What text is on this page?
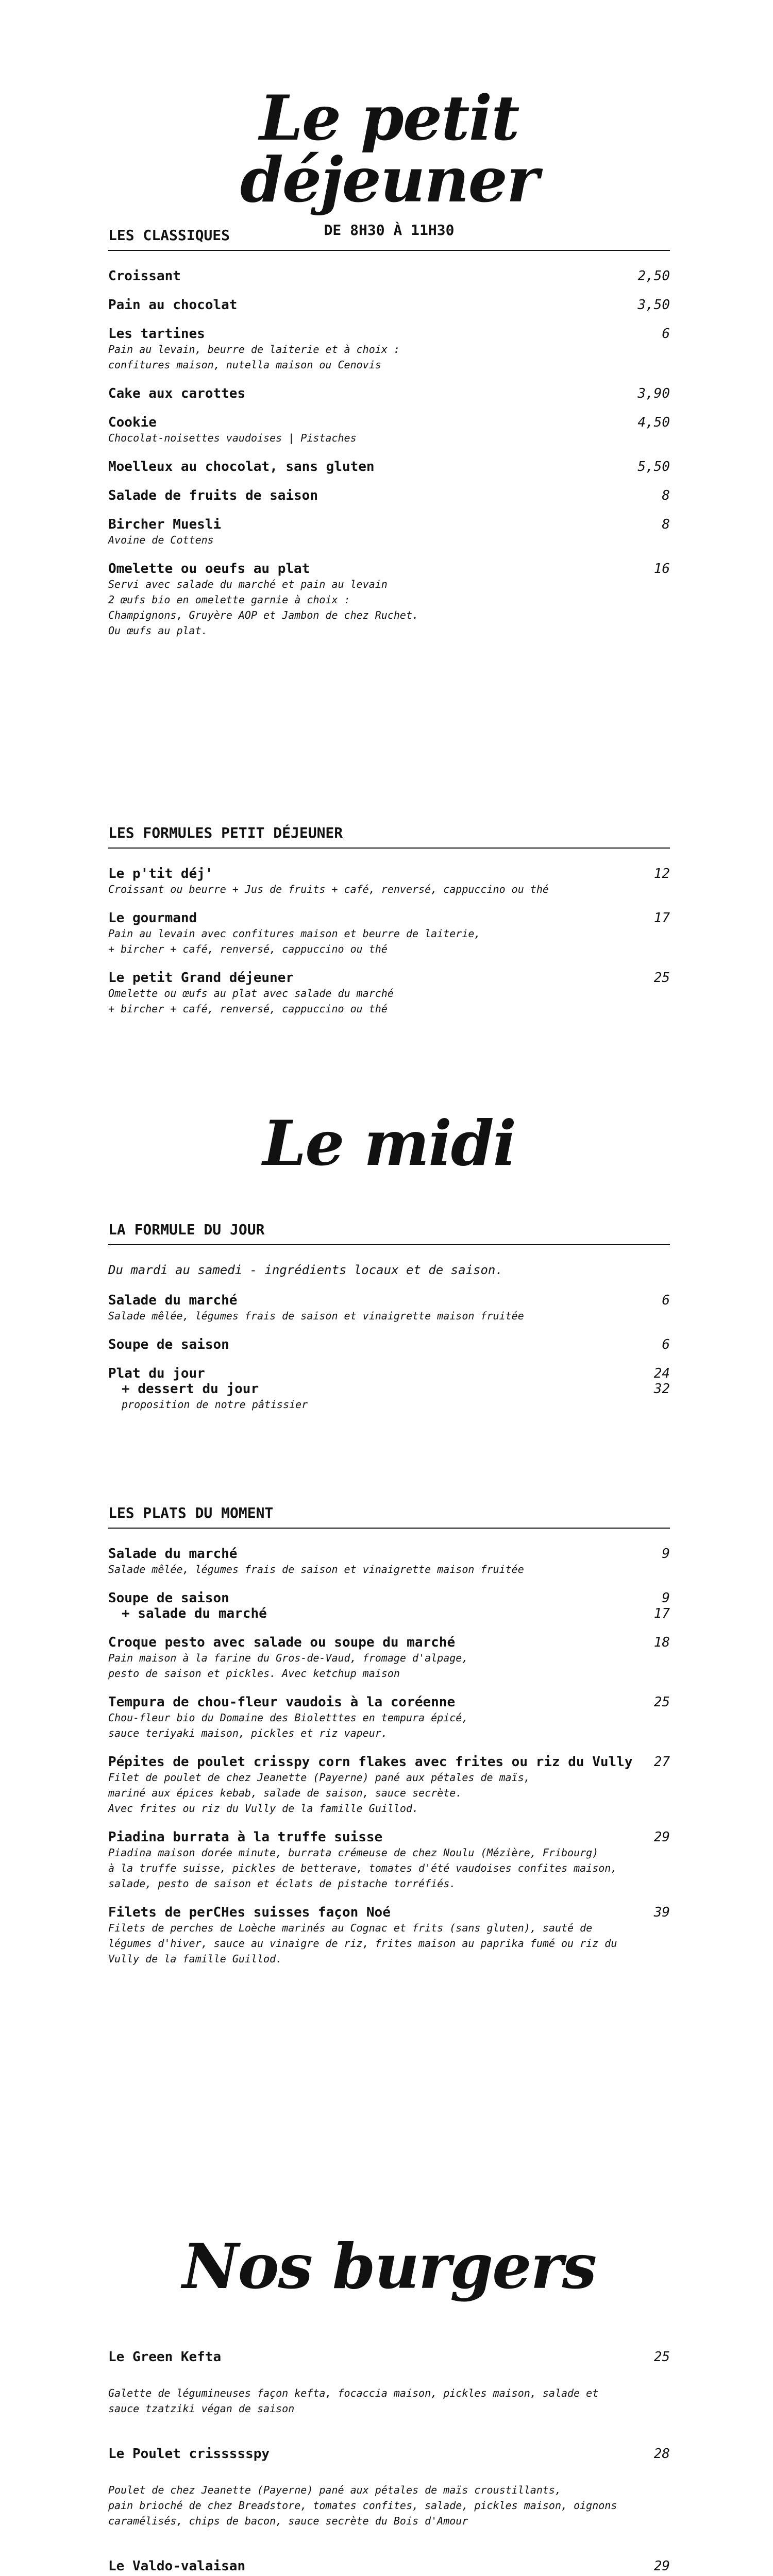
Le petit déjeuner
DE 8H30 À 11H30
LES CLASSIQUES
Croissant	2,50
Pain au chocolat	3,50
Les tartines	6
Pain au levain, beurre de laiterie et à choix :
confitures maison, nutella maison ou Cenovis
Cake aux carottes	3,90
Cookie	4,50
Chocolat-noisettes vaudoises | Pistaches
Moelleux au chocolat, sans gluten	5,50
Salade de fruits de saison	8
Bircher Muesli	8
Avoine de Cottens
Omelette ou oeufs au plat	16
Servi avec salade du marché et pain au levain
2 œufs bio en omelette garnie à choix :
Champignons, Gruyère AOP et Jambon de chez Ruchet.
Ou œufs au plat.
LES FORMULES PETIT DÉJEUNER
Le p'tit déj'	12
Croissant ou beurre + Jus de fruits + café, renversé, cappuccino ou thé
Le gourmand	17
Pain au levain avec confitures maison et beurre de laiterie,
+ bircher + café, renversé, cappuccino ou thé
Le petit Grand déjeuner	25
Omelette ou œufs au plat avec salade du marché
+ bircher + café, renversé, cappuccino ou thé
Le midi
LA FORMULE DU JOUR
Du mardi au samedi - ingrédients locaux et de saison.
Salade du marché	6
Salade mêlée, légumes frais de saison et vinaigrette maison fruitée
Soupe de saison	6
Plat du jour	24
+ dessert du jour	32
proposition de notre pâtissier
LES PLATS DU MOMENT
Salade du marché	9
Salade mêlée, légumes frais de saison et vinaigrette maison fruitée
Soupe de saison	9
+ salade du marché	17
Croque pesto avec salade ou soupe du marché	18
Pain maison à la farine du Gros-de-Vaud, fromage d'alpage,
pesto de saison et pickles. Avec ketchup maison
Tempura de chou-fleur vaudois à la coréenne	25
Chou-fleur bio du Domaine des Bioletttes en tempura épicé,
sauce teriyaki maison, pickles et riz vapeur.
Pépites de poulet crisspy corn flakes avec frites ou riz du Vully 27
Filet de poulet de chez Jeanette (Payerne) pané aux pétales de maïs,
mariné aux épices kebab, salade de saison, sauce secrète.
Avec frites ou riz du Vully de la famille Guillod.
Piadina burrata à la truffe suisse	29
Piadina maison dorée minute, burrata crémeuse de chez Noulu (Mézière, Fribourg)
à la truffe suisse, pickles de betterave, tomates d'été vaudoises confites maison,
salade, pesto de saison et éclats de pistache torréfiés.
Filets de perCHes suisses façon Noé	39
Filets de perches de Loèche marinés au Cognac et frits (sans gluten), sauté de
légumes d'hiver, sauce au vinaigre de riz, frites maison au paprika fumé ou riz du
Vully de la famille Guillod.
Nos burgers
Le Green Kefta	25
Galette de légumineuses façon kefta, focaccia maison, pickles maison, salade et
sauce tzatziki végan de saison
Le Poulet crissssspy	28
Poulet de chez Jeanette (Payerne) pané aux pétales de maïs croustillants,
pain brioché de chez Breadstore, tomates confites, salade, pickles maison, oignons
caramélisés, chips de bacon, sauce secrète du Bois d'Amour
Le Valdo-valaisan	29
